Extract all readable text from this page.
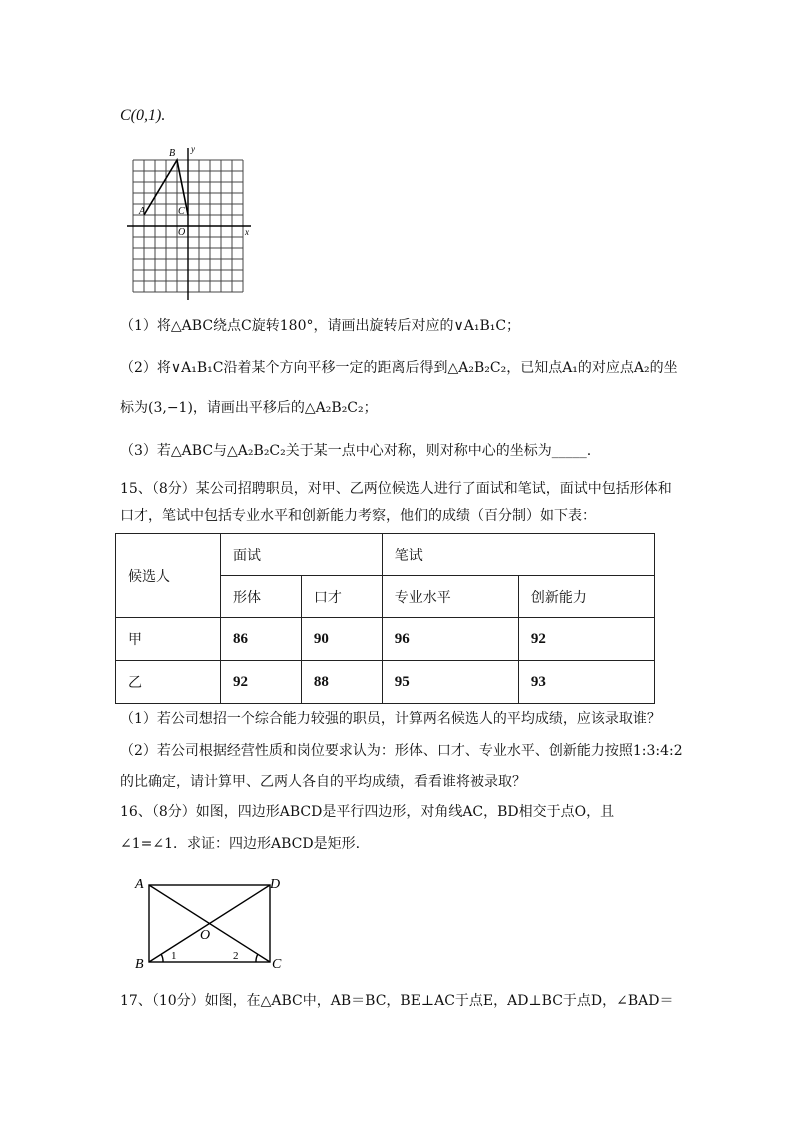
C(0,1).
A
B
C
O	x
y
（1）将△ABC绕点C旋转180°，请画出旋转后对应的∨A₁B₁C；
（2）将∨A₁B₁C沿着某个方向平移一定的距离后得到△A₂B₂C₂，已知点A₁的对应点A₂的坐
标为(3,−1)，请画出平移后的△A₂B₂C₂；
（3）若△ABC与△A₂B₂C₂关于某一点中心对称，则对称中心的坐标为_____.
15、（8分）某公司招聘职员，对甲、乙两位候选人进行了面试和笔试，面试中包括形体和
口才，笔试中包括专业水平和创新能力考察，他们的成绩（百分制）如下表：
候选人	面试		笔试	
	形体	口才	专业水平	创新能力
甲	86	90	96	92
乙	92	88	95	93
（1）若公司想招一个综合能力较强的职员，计算两名候选人的平均成绩，应该录取谁？
（2）若公司根据经营性质和岗位要求认为：形体、口才、专业水平、创新能力按照1:3:4:2
的比确定，请计算甲、乙两人各自的平均成绩，看看谁将被录取？
16、（8分）如图，四边形ABCD是平行四边形，对角线AC，BD相交于点O，且
∠1=∠1．求证：四边形ABCD是矩形.
A	D
B	C
O
1	2
17、（10分）如图，在△ABC中，AB＝BC，BE⊥AC于点E，AD⊥BC于点D，∠BAD＝
